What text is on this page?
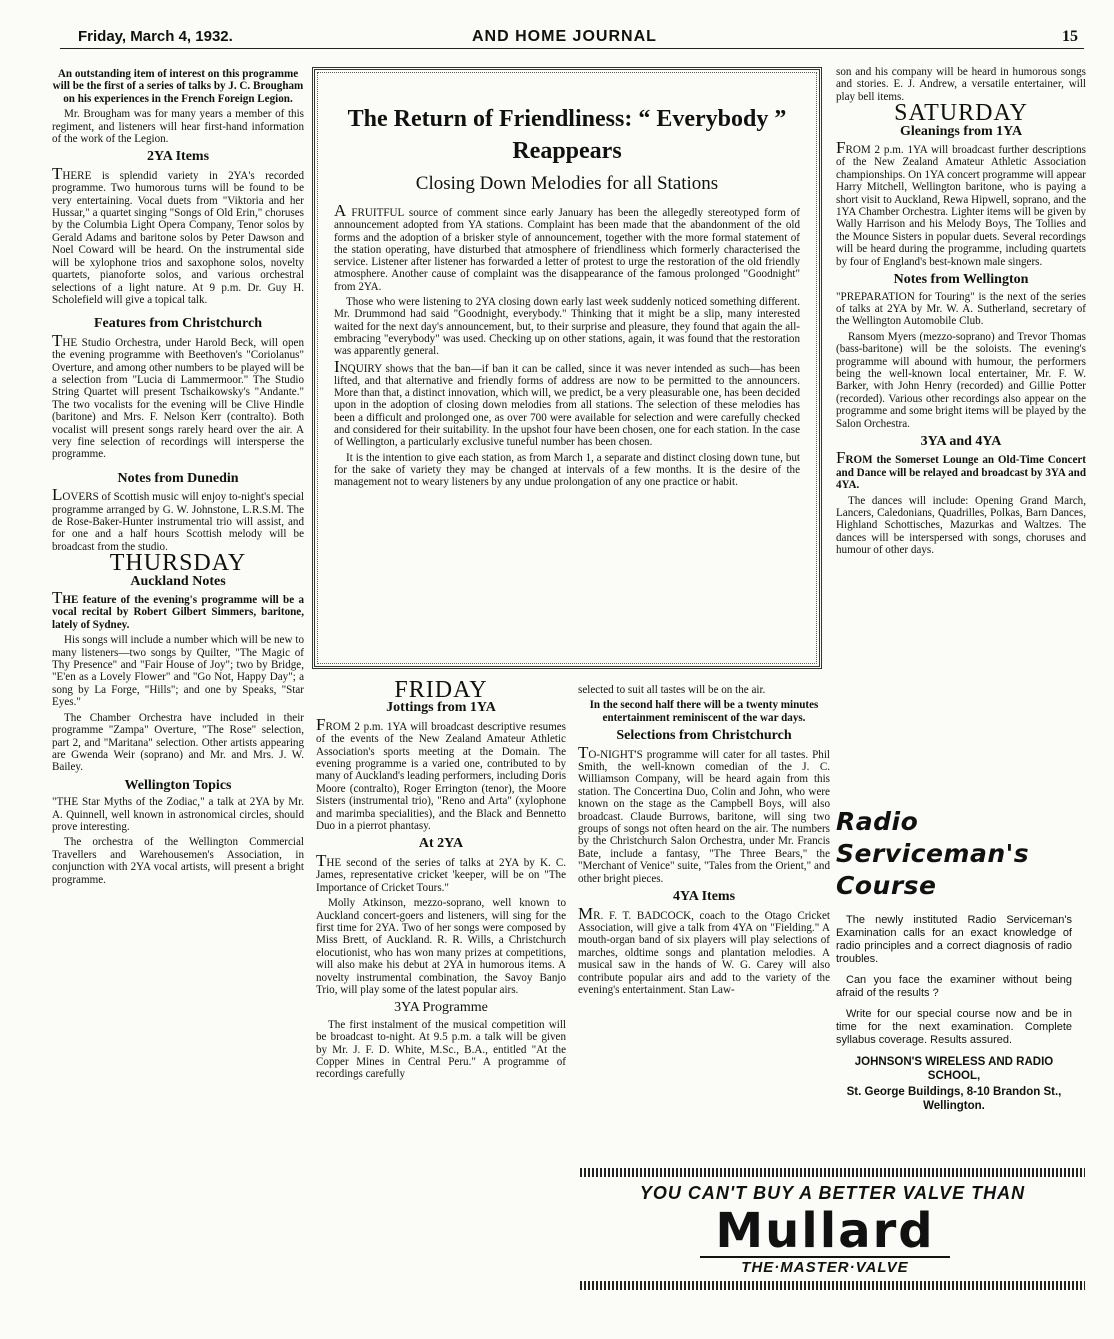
Friday, March 4, 1932.	AND HOME JOURNAL	15

An outstanding item of interest on this programme will be the first of a series of talks by J. C. Brougham on his experiences in the French Foreign Legion.

Mr. Brougham was for many years a member of this regiment, and listeners will hear first-hand information of the work of the Legion.

2YA Items

THERE is splendid variety in 2YA's recorded programme. Two humorous turns will be found to be very entertaining. Vocal duets from "Viktoria and her Hussar," a quartet singing "Songs of Old Erin," choruses by the Columbia Light Opera Company, Tenor solos by Gerald Adams and baritone solos by Peter Dawson and Noel Coward will be heard. On the instrumental side will be xylophone trios and saxophone solos, novelty quartets, pianoforte solos, and various orchestral selections of a light nature. At 9 p.m. Dr. Guy H. Scholefield will give a topical talk.

Features from Christchurch

THE Studio Orchestra, under Harold Beck, will open the evening programme with Beethoven's "Coriolanus" Overture, and among other numbers to be played will be a selection from "Lucia di Lammermoor." The Studio String Quartet will present Tschaikowsky's "Andante." The two vocalists for the evening will be Clive Hindle (baritone) and Mrs. F. Nelson Kerr (contralto). Both vocalist will present songs rarely heard over the air. A very fine selection of recordings will intersperse the programme.

Notes from Dunedin

LOVERS of Scottish music will enjoy to-night's special programme arranged by G. W. Johnstone, L.R.S.M. The de Rose-Baker-Hunter instrumental trio will assist, and for one and a half hours Scottish melody will be broadcast from the studio.

THURSDAY
Auckland Notes

THE feature of the evening's programme will be a vocal recital by Robert Gilbert Simmers, baritone, lately of Sydney.

His songs will include a number which will be new to many listeners—two songs by Quilter, "The Magic of Thy Presence" and "Fair House of Joy"; two by Bridge, "E'en as a Lovely Flower" and "Go Not, Happy Day"; a song by La Forge, "Hills"; and one by Speaks, "Star Eyes."

The Chamber Orchestra have included in their programme "Zampa" Overture, "The Rose" selection, part 2, and "Maritana" selection. Other artists appearing are Gwenda Weir (soprano) and Mr. and Mrs. J. W. Bailey.

Wellington Topics

"THE Star Myths of the Zodiac," a talk at 2YA by Mr. A. Quinnell, well known in astronomical circles, should prove interesting.

The orchestra of the Wellington Commercial Travellers and Warehousemen's Association, in conjunction with 2YA vocal artists, will present a bright programme.

The Return of Friendliness: “ Everybody ” Reappears
Closing Down Melodies for all Stations

A FRUITFUL source of comment since early January has been the allegedly stereotyped form of announcement adopted from YA stations. Complaint has been made that the abandonment of the old forms and the adoption of a brisker style of announcement, together with the more formal statement of the station operating, have disturbed that atmosphere of friendliness which formerly characterised the service. Listener after listener has forwarded a letter of protest to urge the restoration of the old friendly atmosphere. Another cause of complaint was the disappearance of the famous prolonged "Goodnight" from 2YA.

Those who were listening to 2YA closing down early last week suddenly noticed something different. Mr. Drummond had said "Goodnight, everybody." Thinking that it might be a slip, many interested waited for the next day's announcement, but, to their surprise and pleasure, they found that again the all-embracing "everybody" was used. Checking up on other stations, again, it was found that the restoration was apparently general.

INQUIRY shows that the ban—if ban it can be called, since it was never intended as such—has been lifted, and that alternative and friendly forms of address are now to be permitted to the announcers. More than that, a distinct innovation, which will, we predict, be a very pleasurable one, has been decided upon in the adoption of closing down melodies from all stations. The selection of these melodies has been a difficult and prolonged one, as over 700 were available for selection and were carefully checked and considered for their suitability. In the upshot four have been chosen, one for each station. In the case of Wellington, a particularly exclusive tuneful number has been chosen.

It is the intention to give each station, as from March 1, a separate and distinct closing down tune, but for the sake of variety they may be changed at intervals of a few months. It is the desire of the management not to weary listeners by any undue prolongation of any one practice or habit.

FRIDAY
Jottings from 1YA

FROM 2 p.m. 1YA will broadcast descriptive resumes of the events of the New Zealand Amateur Athletic Association's sports meeting at the Domain. The evening programme is a varied one, contributed to by many of Auckland's leading performers, including Doris Moore (contralto), Roger Errington (tenor), the Moore Sisters (instrumental trio), "Reno and Arta" (xylophone and marimba specialities), and the Black and Bennetto Duo in a pierrot phantasy.

At 2YA

THE second of the series of talks at 2YA by K. C. James, representative cricket 'keeper, will be on "The Importance of Cricket Tours."

Molly Atkinson, mezzo-soprano, well known to Auckland concert-goers and listeners, will sing for the first time for 2YA. Two of her songs were composed by Miss Brett, of Auckland. R. R. Wills, a Christchurch elocutionist, who has won many prizes at competitions, will also make his debut at 2YA in humorous items. A novelty instrumental combination, the Savoy Banjo Trio, will play some of the latest popular airs.

3YA Programme

The first instalment of the musical competition will be broadcast to-night. At 9.5 p.m. a talk will be given by Mr. J. F. D. White, M.Sc., B.A., entitled "At the Copper Mines in Central Peru." A programme of recordings carefully

selected to suit all tastes will be on the air.

In the second half there will be a twenty minutes entertainment reminiscent of the war days.

Selections from Christchurch

TO-NIGHT'S programme will cater for all tastes. Phil Smith, the well-known comedian of the J. C. Williamson Company, will be heard again from this station. The Concertina Duo, Colin and John, who were known on the stage as the Campbell Boys, will also broadcast. Claude Burrows, baritone, will sing two groups of songs not often heard on the air. The numbers by the Christchurch Salon Orchestra, under Mr. Francis Bate, include a fantasy, "The Three Bears," the "Merchant of Venice" suite, "Tales from the Orient," and other bright pieces.

4YA Items

MR. F. T. BADCOCK, coach to the Otago Cricket Association, will give a talk from 4YA on "Fielding." A mouth-organ band of six players will play selections of marches, oldtime songs and plantation melodies. A musical saw in the hands of W. G. Carey will also contribute popular airs and add to the variety of the evening's entertainment. Stan Law-

son and his company will be heard in humorous songs and stories. E. J. Andrew, a versatile entertainer, will play bell items.

SATURDAY
Gleanings from 1YA

FROM 2 p.m. 1YA will broadcast further descriptions of the New Zealand Amateur Athletic Association championships. On 1YA concert programme will appear Harry Mitchell, Wellington baritone, who is paying a short visit to Auckland, Rewa Hipwell, soprano, and the 1YA Chamber Orchestra. Lighter items will be given by Wally Harrison and his Melody Boys, The Tollies and the Mounce Sisters in popular duets. Several recordings will be heard during the programme, including quartets by four of England's best-known male singers.

Notes from Wellington

"PREPARATION for Touring" is the next of the series of talks at 2YA by Mr. W. A. Sutherland, secretary of the Wellington Automobile Club.

Ransom Myers (mezzo-soprano) and Trevor Thomas (bass-baritone) will be the soloists. The evening's programme will abound with humour, the performers being the well-known local entertainer, Mr. F. W. Barker, with John Henry (recorded) and Gillie Potter (recorded). Various other recordings also appear on the programme and some bright items will be played by the Salon Orchestra.

3YA and 4YA

FROM the Somerset Lounge an Old-Time Concert and Dance will be relayed and broadcast by 3YA and 4YA.

The dances will include: Opening Grand March, Lancers, Caledonians, Quadrilles, Polkas, Barn Dances, Highland Schottisches, Mazurkas and Waltzes. The dances will be interspersed with songs, choruses and humour of other days.

Radio
Serviceman's
Course

The newly instituted Radio Serviceman's Examination calls for an exact knowledge of radio principles and a correct diagnosis of radio troubles.

Can you face the examiner without being afraid of the results ?

Write for our special course now and be in time for the next examination. Complete syllabus coverage. Results assured.

JOHNSON'S WIRELESS AND RADIO SCHOOL,

St. George Buildings, 8-10 Brandon St., Wellington.

YOU CAN'T BUY A BETTER VALVE THAN
Mullard
THE·MASTER·VALVE
